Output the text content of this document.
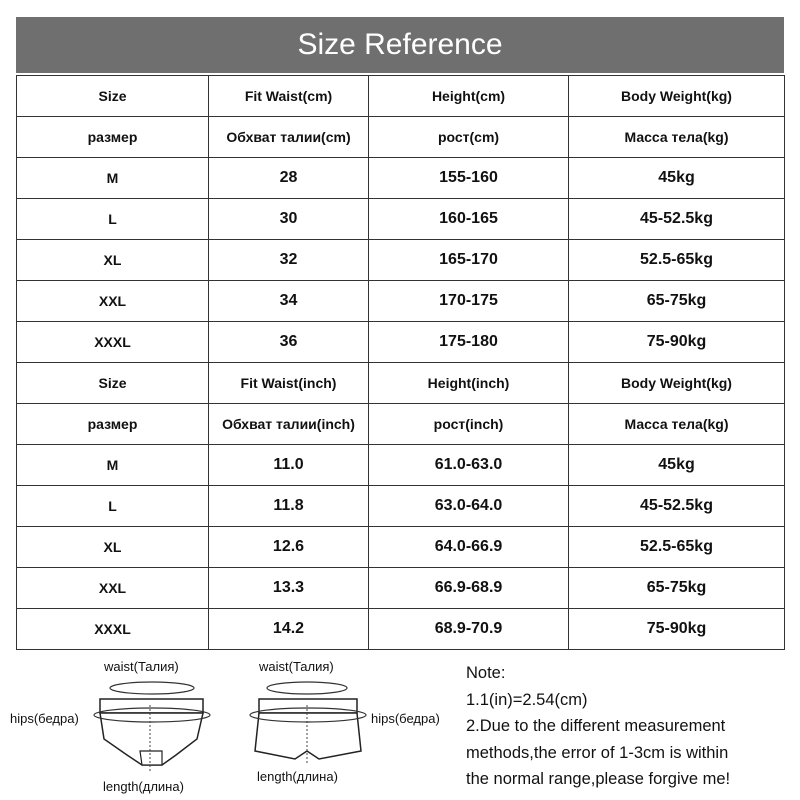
Size Reference
Size	Fit Waist(cm)	Height(cm)	Body Weight(kg)
размер	Обхват талии(cm)	рост(cm)	Масса тела(kg)
M	28	155-160	45kg
L	30	160-165	45-52.5kg
XL	32	165-170	52.5-65kg
XXL	34	170-175	65-75kg
XXXL	36	175-180	75-90kg
Size	Fit Waist(inch)	Height(inch)	Body Weight(kg)
размер	Обхват талии(inch)	рост(inch)	Масса тела(kg)
M	11.0	61.0-63.0	45kg
L	11.8	63.0-64.0	45-52.5kg
XL	12.6	64.0-66.9	52.5-65kg
XXL	13.3	66.9-68.9	65-75kg
XXXL	14.2	68.9-70.9	75-90kg
waist(Талия)
hips(бедра)
length(длина)
waist(Талия)
hips(бедра)
length(длина)
Note:
1.1(in)=2.54(cm)
2.Due to the different measurement
methods,the error of 1-3cm is within
the normal range,please forgive me!
